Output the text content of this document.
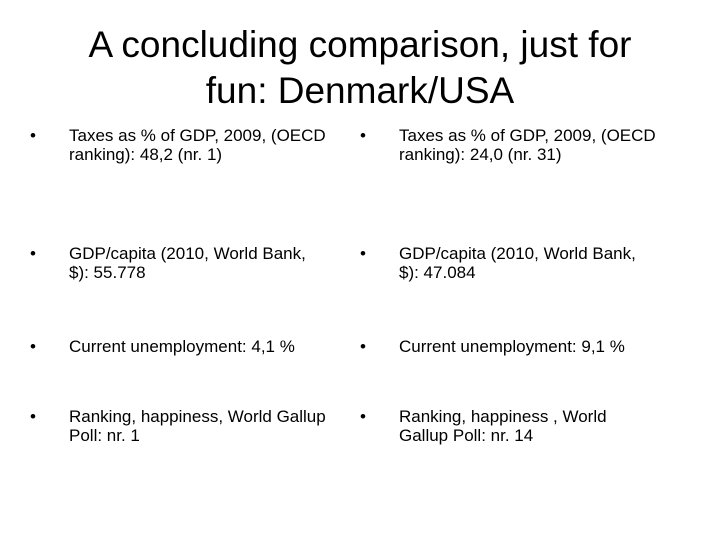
A concluding comparison, just for
fun: Denmark/USA
•	Taxes as % of GDP, 2009, (OECD ranking): 48,2 (nr. 1)
•	GDP/capita (2010, World Bank, $): 55.778
•	Current unemployment: 4,1 %
•	Ranking, happiness, World Gallup Poll: nr. 1
•	Taxes as % of GDP, 2009, (OECD ranking): 24,0 (nr. 31)
•	GDP/capita (2010, World Bank, $): 47.084
•	Current unemployment: 9,1 %
•	Ranking, happiness , World Gallup Poll: nr. 14
